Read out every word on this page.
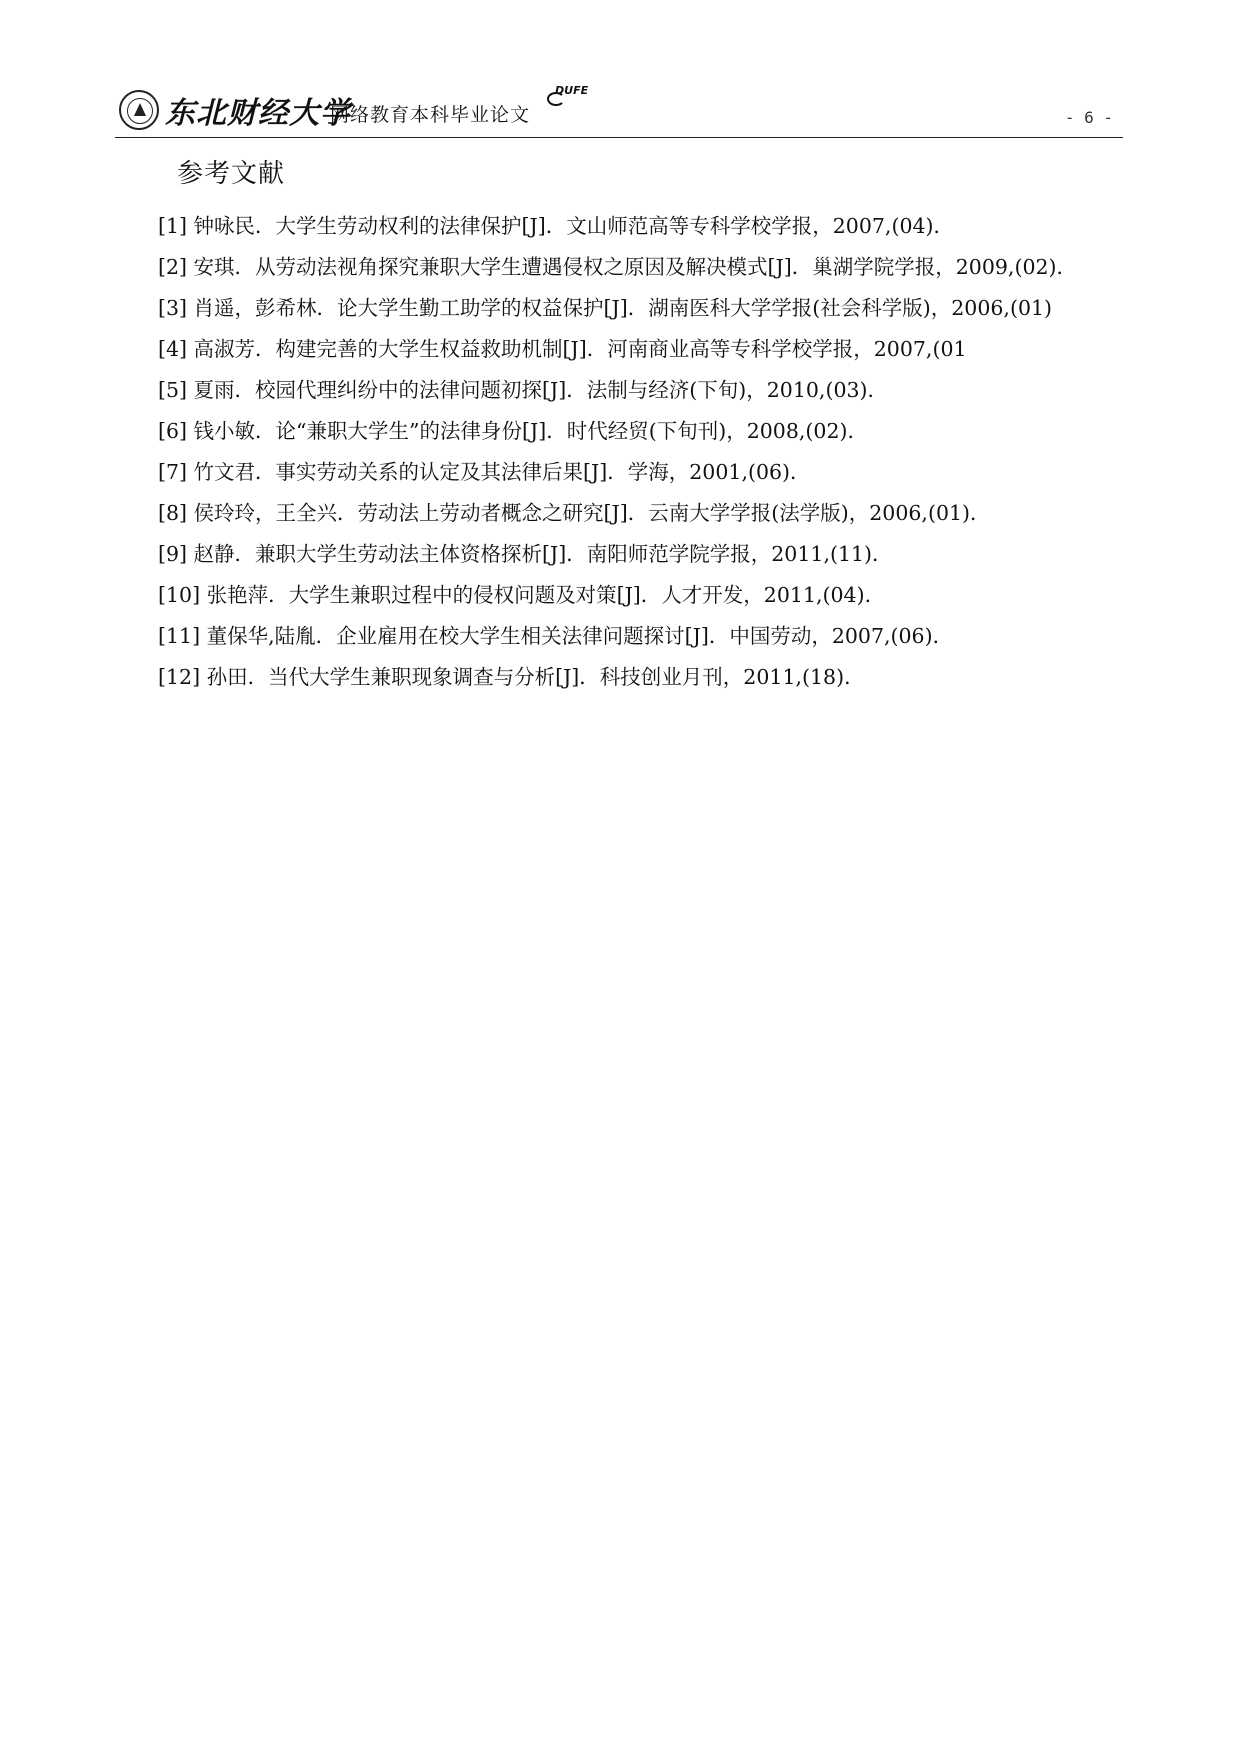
东北财经大学
网络教育本科毕业论文
DUFE
- 6 -
参考文献
[1] 钟咏民．大学生劳动权利的法律保护[J]．文山师范高等专科学校学报，2007,(04)．
[2] 安琪．从劳动法视角探究兼职大学生遭遇侵权之原因及解决模式[J]．巢湖学院学报，2009,(02)．
[3] 肖遥，彭希林．论大学生勤工助学的权益保护[J]．湖南医科大学学报(社会科学版)，2006,(01)
[4] 高淑芳．构建完善的大学生权益救助机制[J]．河南商业高等专科学校学报，2007,(01
[5] 夏雨．校园代理纠纷中的法律问题初探[J]．法制与经济(下旬)，2010,(03)．
[6] 钱小敏．论“兼职大学生”的法律身份[J]．时代经贸(下旬刊)，2008,(02)．
[7] 竹文君．事实劳动关系的认定及其法律后果[J]．学海，2001,(06)．
[8] 侯玲玲，王全兴．劳动法上劳动者概念之研究[J]．云南大学学报(法学版)，2006,(01)．
[9] 赵静．兼职大学生劳动法主体资格探析[J]．南阳师范学院学报，2011,(11)．
[10] 张艳萍．大学生兼职过程中的侵权问题及对策[J]．人才开发，2011,(04)．
[11] 董保华,陆胤．企业雇用在校大学生相关法律问题探讨[J]．中国劳动，2007,(06)．
[12] 孙田．当代大学生兼职现象调查与分析[J]．科技创业月刊，2011,(18)．
